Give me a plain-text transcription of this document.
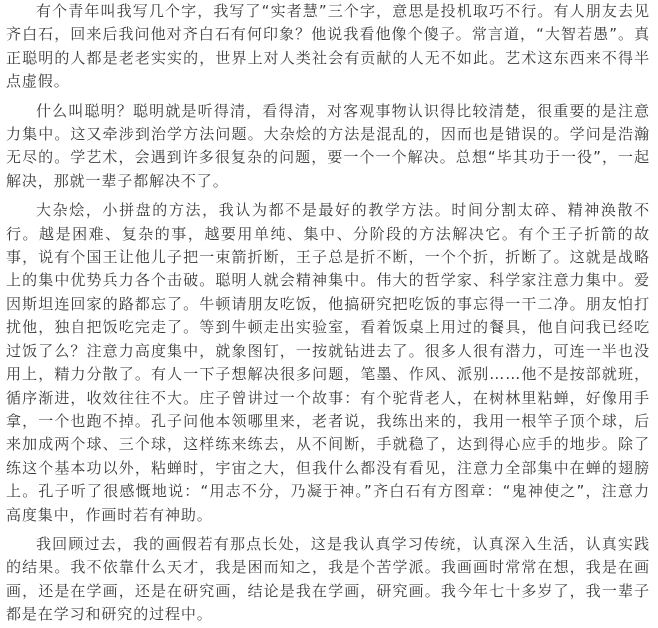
有个青年叫我写几个字，我写了“实者慧”三个字，意思是投机取巧不行。有人朋友去见齐白石，回来后我问他对齐白石有何印象？他说我看他像个傻子。常言道，“大智若愚”。真正聪明的人都是老老实实的，世界上对人类社会有贡献的人无不如此。艺术这东西来不得半点虚假。

什么叫聪明？聪明就是听得清，看得清，对客观事物认识得比较清楚，很重要的是注意力集中。这又牵涉到治学方法问题。大杂烩的方法是混乱的，因而也是错误的。学问是浩瀚无尽的。学艺术，会遇到许多很复杂的问题，要一个一个解决。总想“毕其功于一役”，一起解决，那就一辈子都解决不了。

大杂烩，小拼盘的方法，我认为都不是最好的教学方法。时间分割太碎、精神涣散不行。越是困难、复杂的事，越要用单纯、集中、分阶段的方法解决它。有个王子折箭的故事，说有个国王让他儿子把一束箭折断，王子总是折不断，一个个折，折断了。这就是战略上的集中优势兵力各个击破。聪明人就会精神集中。伟大的哲学家、科学家注意力集中。爱因斯坦连回家的路都忘了。牛顿请朋友吃饭，他搞研究把吃饭的事忘得一干二净。朋友怕打扰他，独自把饭吃完走了。等到牛顿走出实验室，看着饭桌上用过的餐具，他自问我已经吃过饭了么？注意力高度集中，就象图钉，一按就钻进去了。很多人很有潜力，可连一半也没用上，精力分散了。有人一下子想解决很多问题，笔墨、作风、派别……他不是按部就班，循序渐进，收效往往不大。庄子曾讲过一个故事：有个驼背老人，在树林里粘蝉，好像用手拿，一个也跑不掉。孔子问他本领哪里来，老者说，我练出来的，我用一根竿子顶个球，后来加成两个球、三个球，这样练来练去，从不间断，手就稳了，达到得心应手的地步。除了练这个基本功以外，粘蝉时，宇宙之大，但我什么都没有看见，注意力全部集中在蝉的翅膀上。孔子听了很感慨地说：“用志不分，乃凝于神。”齐白石有方图章：“鬼神使之”，注意力高度集中，作画时若有神助。

我回顾过去，我的画假若有那点长处，这是我认真学习传统，认真深入生活，认真实践的结果。我不依靠什么天才，我是困而知之，我是个苦学派。我画画时常常在想，我是在画画，还是在学画，还是在研究画，结论是我在学画，研究画。我今年七十多岁了，我一辈子都是在学习和研究的过程中。
